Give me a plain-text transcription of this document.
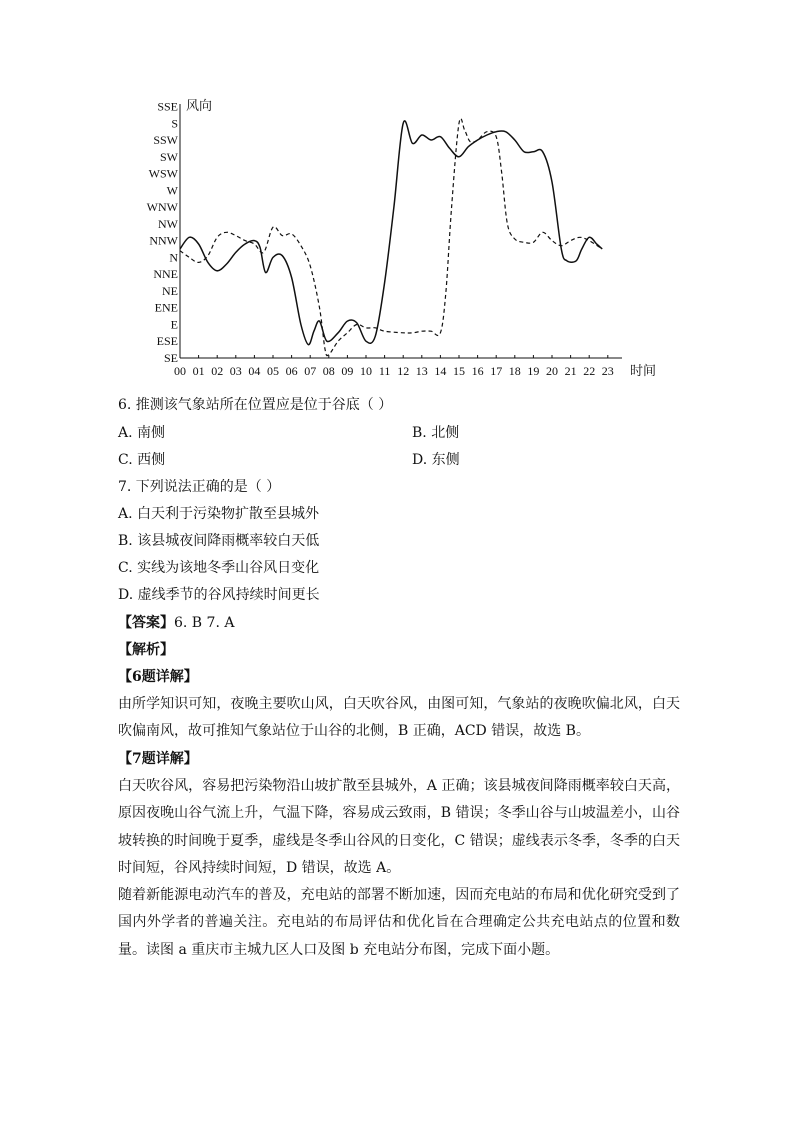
SE
ESE
E
ENE
NE
NNE
N
NNW
NW
WNW
W
WSW
SW
SSW
S
SSE
00 01 02 03 04 05 06 07 08 09 10 11 12 13 14 15 16 17 18 19 20 21 22 23
风向
时间
6. 推测该气象站所在位置应是位于谷底（ ）
A. 南侧	B. 北侧
C. 西侧	D. 东侧
7. 下列说法正确的是（ ）
A. 白天利于污染物扩散至县城外
B. 该县城夜间降雨概率较白天低
C. 实线为该地冬季山谷风日变化
D. 虚线季节的谷风持续时间更长
【答案】6. B 7. A
【解析】
【6题详解】
由所学知识可知，夜晚主要吹山风，白天吹谷风，由图可知，气象站的夜晚吹偏北风，白天吹偏南风，故可推知气象站位于山谷的北侧，B 正确，ACD 错误，故选 B。
【7题详解】
白天吹谷风，容易把污染物沿山坡扩散至县城外，A 正确；该县城夜间降雨概率较白天高，原因夜晚山谷气流上升，气温下降，容易成云致雨，B 错误；冬季山谷与山坡温差小，山谷坡转换的时间晚于夏季，虚线是冬季山谷风的日变化，C 错误；虚线表示冬季，冬季的白天时间短，谷风持续时间短，D 错误，故选 A。
随着新能源电动汽车的普及，充电站的部署不断加速，因而充电站的布局和优化研究受到了国内外学者的普遍关注。充电站的布局评估和优化旨在合理确定公共充电站点的位置和数量。读图 a 重庆市主城九区人口及图 b 充电站分布图，完成下面小题。
